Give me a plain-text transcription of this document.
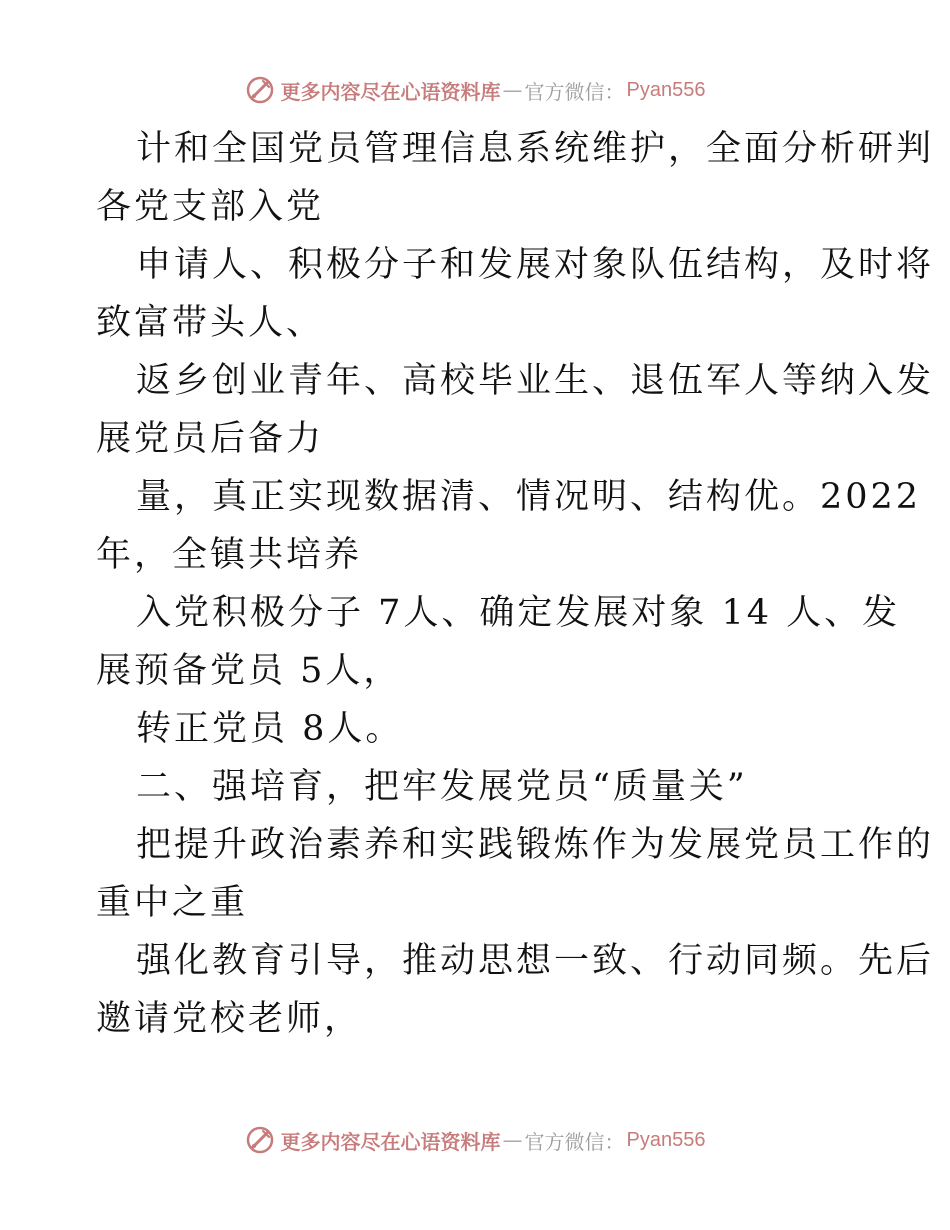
更多内容尽在心语资料库 — 官方微信： Pyan556
计和全国党员管理信息系统维护，全面分析研判
各党支部入党
申请人、积极分子和发展对象队伍结构，及时将
致富带头人、
返乡创业青年、高校毕业生、退伍军人等纳入发
展党员后备力
量，真正实现数据清、情况明、结构优。2022
年，全镇共培养
入党积极分子 7人、确定发展对象 14 人、发
展预备党员 5人，
转正党员 8人。
二、强培育，把牢发展党员“质量关”
把提升政治素养和实践锻炼作为发展党员工作的
重中之重
强化教育引导，推动思想一致、行动同频。先后
邀请党校老师，
更多内容尽在心语资料库 — 官方微信： Pyan556
